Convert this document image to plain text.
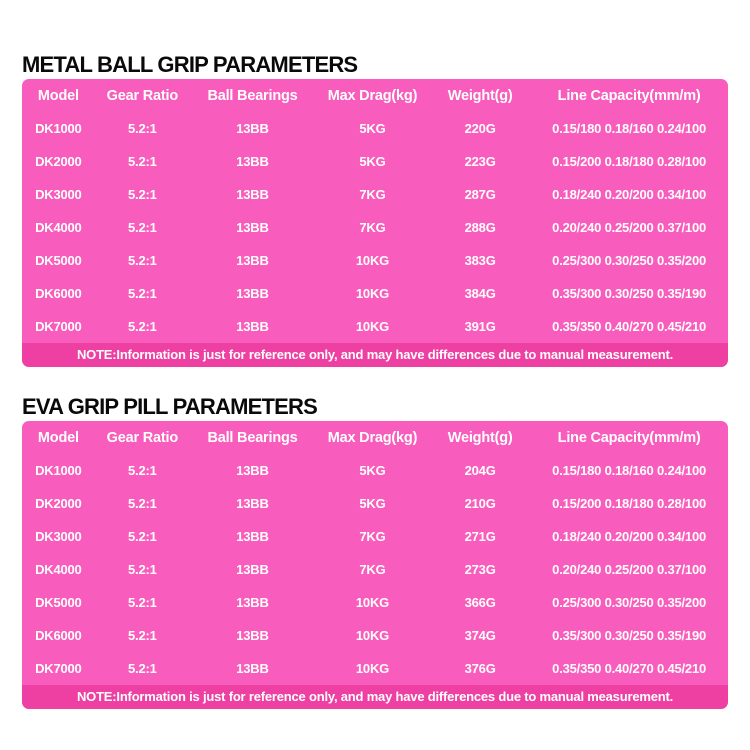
METAL BALL GRIP PARAMETERS
Model	Gear Ratio	Ball Bearings	Max Drag(kg)	Weight(g)	Line Capacity(mm/m)
DK1000	5.2:1	13BB	5KG	220G	0.15/180 0.18/160 0.24/100
DK2000	5.2:1	13BB	5KG	223G	0.15/200 0.18/180 0.28/100
DK3000	5.2:1	13BB	7KG	287G	0.18/240 0.20/200 0.34/100
DK4000	5.2:1	13BB	7KG	288G	0.20/240 0.25/200 0.37/100
DK5000	5.2:1	13BB	10KG	383G	0.25/300 0.30/250 0.35/200
DK6000	5.2:1	13BB	10KG	384G	0.35/300 0.30/250 0.35/190
DK7000	5.2:1	13BB	10KG	391G	0.35/350 0.40/270 0.45/210
NOTE:Information is just for reference only, and may have differences due to manual measurement.
EVA GRIP PILL PARAMETERS
Model	Gear Ratio	Ball Bearings	Max Drag(kg)	Weight(g)	Line Capacity(mm/m)
DK1000	5.2:1	13BB	5KG	204G	0.15/180 0.18/160 0.24/100
DK2000	5.2:1	13BB	5KG	210G	0.15/200 0.18/180 0.28/100
DK3000	5.2:1	13BB	7KG	271G	0.18/240 0.20/200 0.34/100
DK4000	5.2:1	13BB	7KG	273G	0.20/240 0.25/200 0.37/100
DK5000	5.2:1	13BB	10KG	366G	0.25/300 0.30/250 0.35/200
DK6000	5.2:1	13BB	10KG	374G	0.35/300 0.30/250 0.35/190
DK7000	5.2:1	13BB	10KG	376G	0.35/350 0.40/270 0.45/210
NOTE:Information is just for reference only, and may have differences due to manual measurement.
